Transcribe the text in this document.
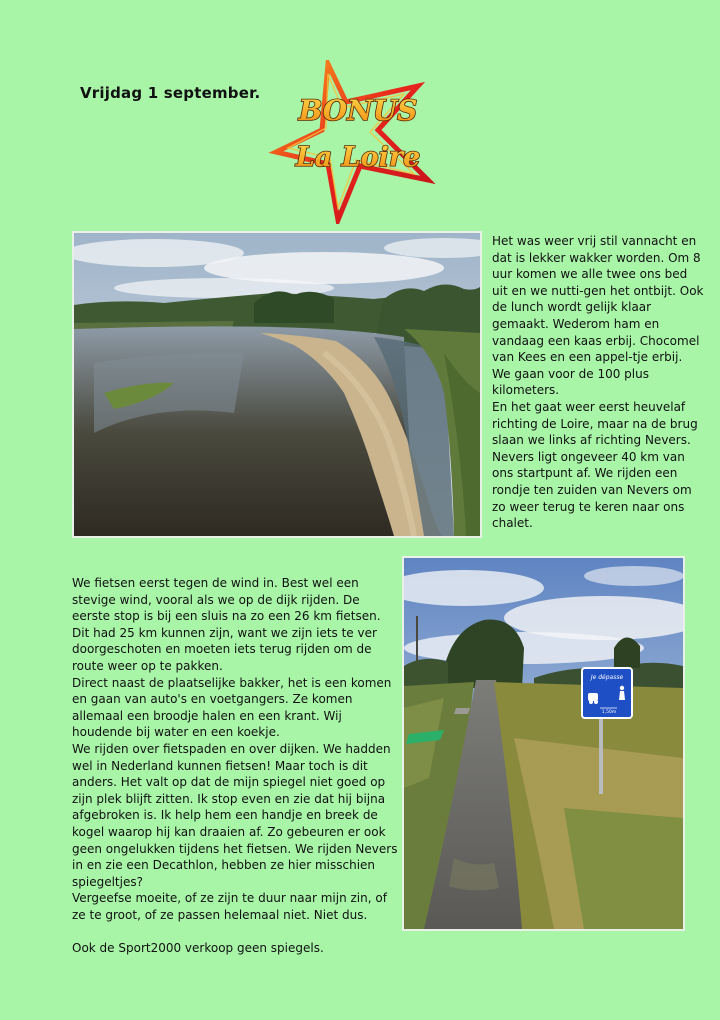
Vrijdag 1 september.
BONUS
La Loire

Het was weer vrij stil vannacht en dat is lekker wakker worden. Om 8 uur komen we alle twee ons bed uit en we nutti-gen het ontbijt. Ook de lunch wordt gelijk klaar gemaakt. Wederom ham en vandaag een kaas erbij. Chocomel van Kees en een appel-tje erbij. We gaan voor de 100 plus kilometers.

En het gaat weer eerst heuvelaf richting de Loire, maar na de brug slaan we links af richting Nevers.

Nevers ligt ongeveer 40 km van ons startpunt af. We rijden een rondje ten zuiden van Nevers om zo weer terug te keren naar ons chalet.

We fietsen eerst tegen de wind in. Best wel een stevige wind, vooral als we op de dijk rijden. De eerste stop is bij een sluis na zo een 26 km fietsen. Dit had 25 km kunnen zijn, want we zijn iets te ver doorgeschoten en moeten iets terug rijden om de route weer op te pakken.

Direct naast de plaatselijke bakker, het is een komen en gaan van auto's en voetgangers. Ze komen allemaal een broodje halen en een krant. Wij houdende bij water en een koekje.

We rijden over fietspaden en over dijken. We hadden wel in Nederland kunnen fietsen! Maar toch is dit anders. Het valt op dat de mijn spiegel niet goed op zijn plek blijft zitten. Ik stop even en zie dat hij bijna afgebroken is. Ik help hem een handje en breek de kogel waarop hij kan draaien af. Zo gebeuren er ook geen ongelukken tijdens het fietsen. We rijden Nevers in en zie een Decathlon, hebben ze hier misschien spiegeltjes?

Vergeefse moeite, of ze zijn te duur naar mijn zin, of ze te groot, of ze passen helemaal niet. Niet dus.

Ook de Sport2000 verkoop geen spiegels.

Je dépasse
1,50m
